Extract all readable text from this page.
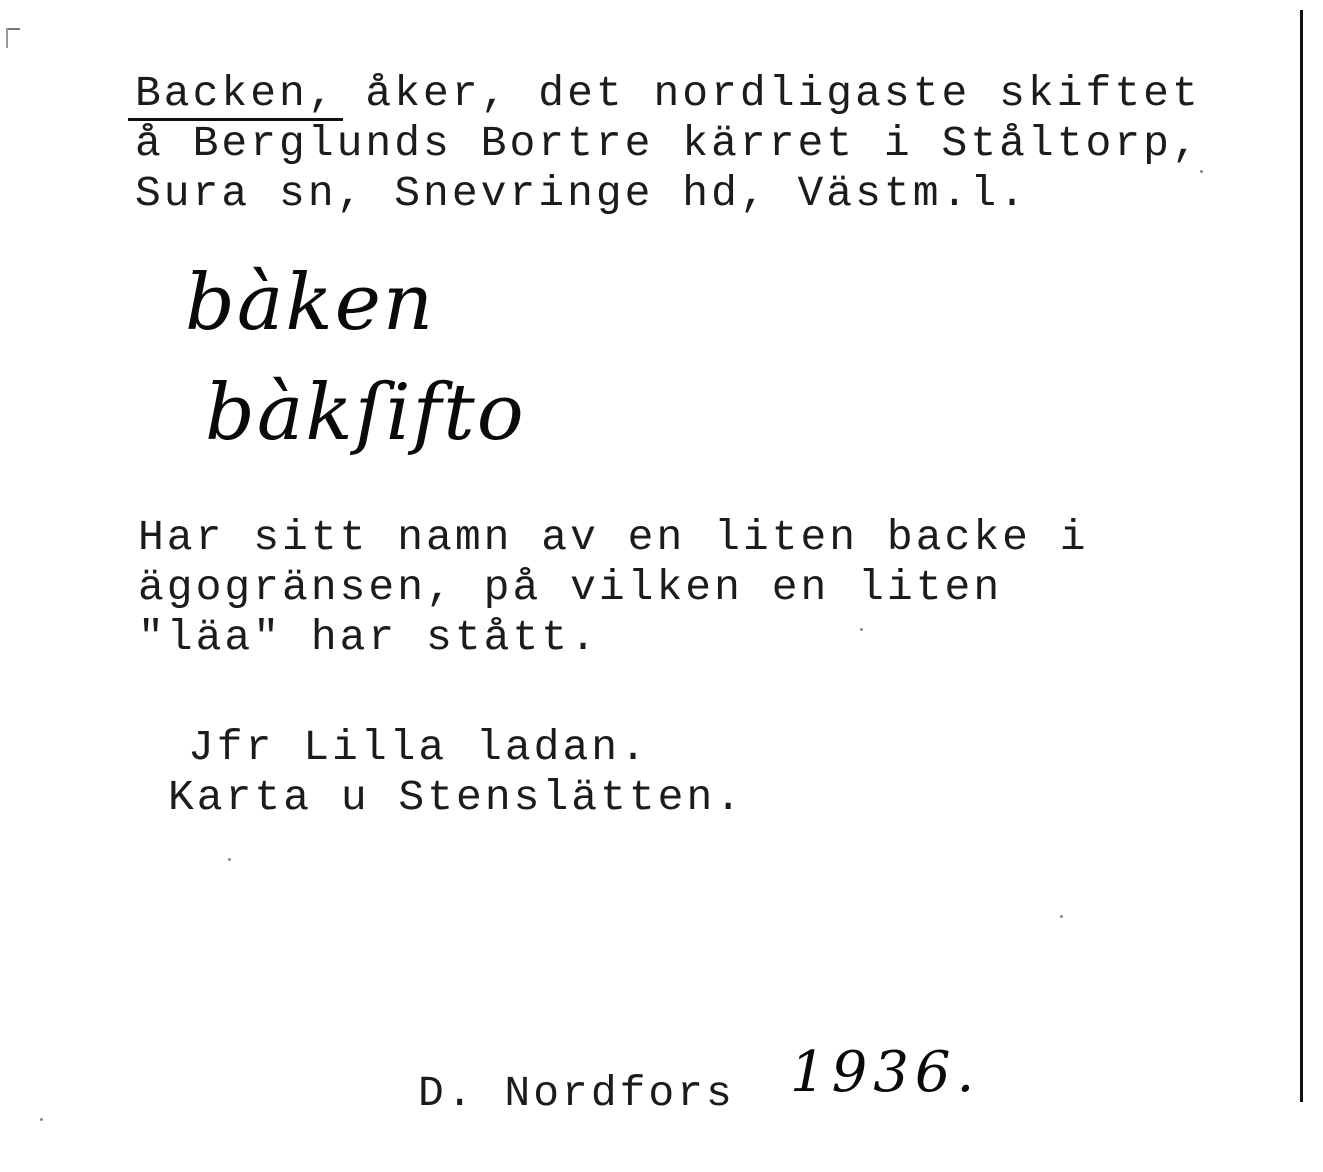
Backen, åker, det nordligaste skiftet

å Berglunds Bortre kärret i Ståltorp,

Sura sn, Snevringe hd, Västm.l.

bàken
bàkſifto

Har sitt namn av en liten backe i

ägogränsen, på vilken en liten

"läa" har stått.

Jfr Lilla ladan.

Karta u Stenslätten.

D. Nordfors 1936.
